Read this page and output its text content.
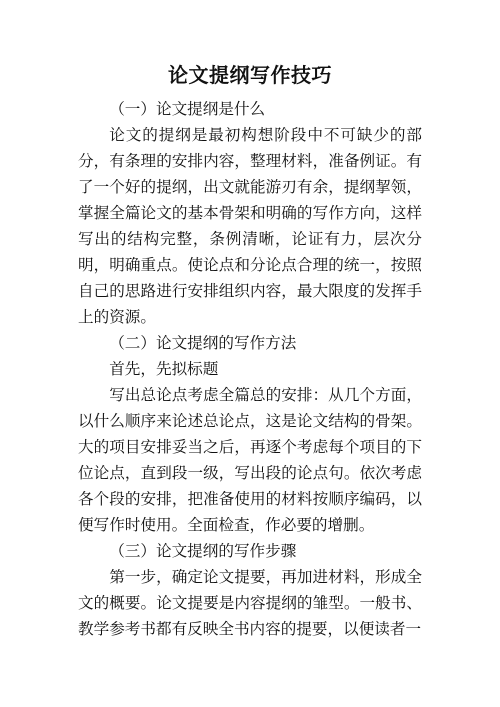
论文提纲写作技巧

（一）论文提纲是什么

论文的提纲是最初构想阶段中不可缺少的部分，有条理的安排内容，整理材料，准备例证。有了一个好的提纲，出文就能游刃有余，提纲挈领，掌握全篇论文的基本骨架和明确的写作方向，这样写出的结构完整，条例清晰，论证有力，层次分明，明确重点。使论点和分论点合理的统一，按照自己的思路进行安排组织内容，最大限度的发挥手上的资源。

（二）论文提纲的写作方法

首先，先拟标题

写出总论点考虑全篇总的安排：从几个方面，以什么顺序来论述总论点，这是论文结构的骨架。大的项目安排妥当之后，再逐个考虑每个项目的下位论点，直到段一级，写出段的论点句。依次考虑各个段的安排，把准备使用的材料按顺序编码，以便写作时使用。全面检查，作必要的增删。

（三）论文提纲的写作步骤

第一步，确定论文提要，再加进材料，形成全文的概要。论文提要是内容提纲的雏型。一般书、教学参考书都有反映全书内容的提要，以便读者一
